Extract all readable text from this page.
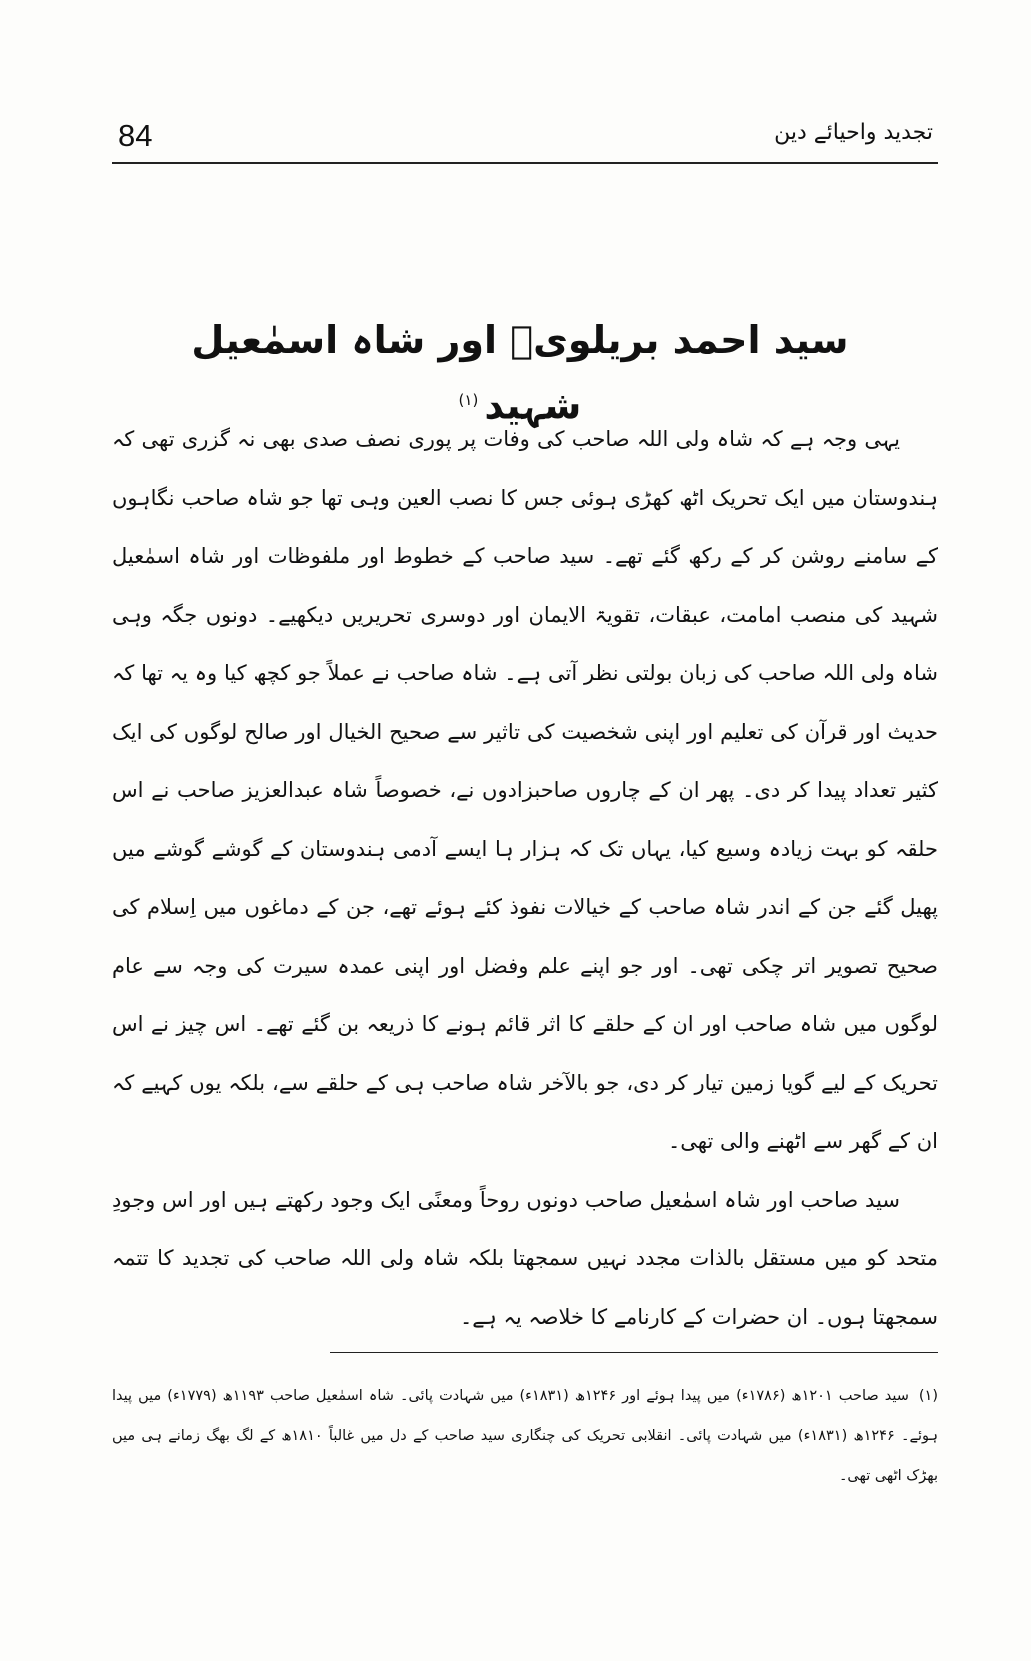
84	تجدید واحیائے دین
سید احمد بریلویؒ اور شاہ اسمٰعیل شہید$^{(۱)}$

یہی وجہ ہے کہ شاہ ولی اللہ صاحب کی وفات پر پوری نصف صدی بھی نہ گزری تھی کہ ہندوستان میں ایک تحریک اٹھ کھڑی ہوئی جس کا نصب العین وہی تھا جو شاہ صاحب نگاہوں کے سامنے روشن کر کے رکھ گئے تھے۔ سید صاحب کے خطوط اور ملفوظات اور شاہ اسمٰعیل شہید کی منصب امامت، عبقات، تقویۃ الایمان اور دوسری تحریریں دیکھیے۔ دونوں جگہ وہی شاہ ولی اللہ صاحب کی زبان بولتی نظر آتی ہے۔ شاہ صاحب نے عملاً جو کچھ کیا وہ یہ تھا کہ حدیث اور قرآن کی تعلیم اور اپنی شخصیت کی تاثیر سے صحیح الخیال اور صالح لوگوں کی ایک کثیر تعداد پیدا کر دی۔ پھر ان کے چاروں صاحبزادوں نے، خصوصاً شاہ عبدالعزیز صاحب نے اس حلقہ کو بہت زیادہ وسیع کیا، یہاں تک کہ ہزار ہا ایسے آدمی ہندوستان کے گوشے گوشے میں پھیل گئے جن کے اندر شاہ صاحب کے خیالات نفوذ کئے ہوئے تھے، جن کے دماغوں میں اِسلام کی صحیح تصویر اتر چکی تھی۔ اور جو اپنے علم وفضل اور اپنی عمدہ سیرت کی وجہ سے عام لوگوں میں شاہ صاحب اور ان کے حلقے کا اثر قائم ہونے کا ذریعہ بن گئے تھے۔ اس چیز نے اس تحریک کے لیے گویا زمین تیار کر دی، جو بالآخر شاہ صاحب ہی کے حلقے سے، بلکہ یوں کہیے کہ ان کے گھر سے اٹھنے والی تھی۔

سید صاحب اور شاہ اسمٰعیل صاحب دونوں روحاً ومعنًی ایک وجود رکھتے ہیں اور اس وجودِ متحد کو میں مستقل بالذات مجدد نہیں سمجھتا بلکہ شاہ ولی اللہ صاحب کی تجدید کا تتمہ سمجھتا ہوں۔ ان حضرات کے کارنامے کا خلاصہ یہ ہے۔

(۱)سید صاحب ۱۲۰۱ھ (۱۷۸۶ء) میں پیدا ہوئے اور ۱۲۴۶ھ (۱۸۳۱ء) میں شہادت پائی۔ شاہ اسمٰعیل صاحب ۱۱۹۳ھ (۱۷۷۹ء) میں پیدا ہوئے۔ ۱۲۴۶ھ (۱۸۳۱ء) میں شہادت پائی۔ انقلابی تحریک کی چنگاری سید صاحب کے دل میں غالباً ۱۸۱۰ھ کے لگ بھگ زمانے ہی میں بھڑک اٹھی تھی۔
